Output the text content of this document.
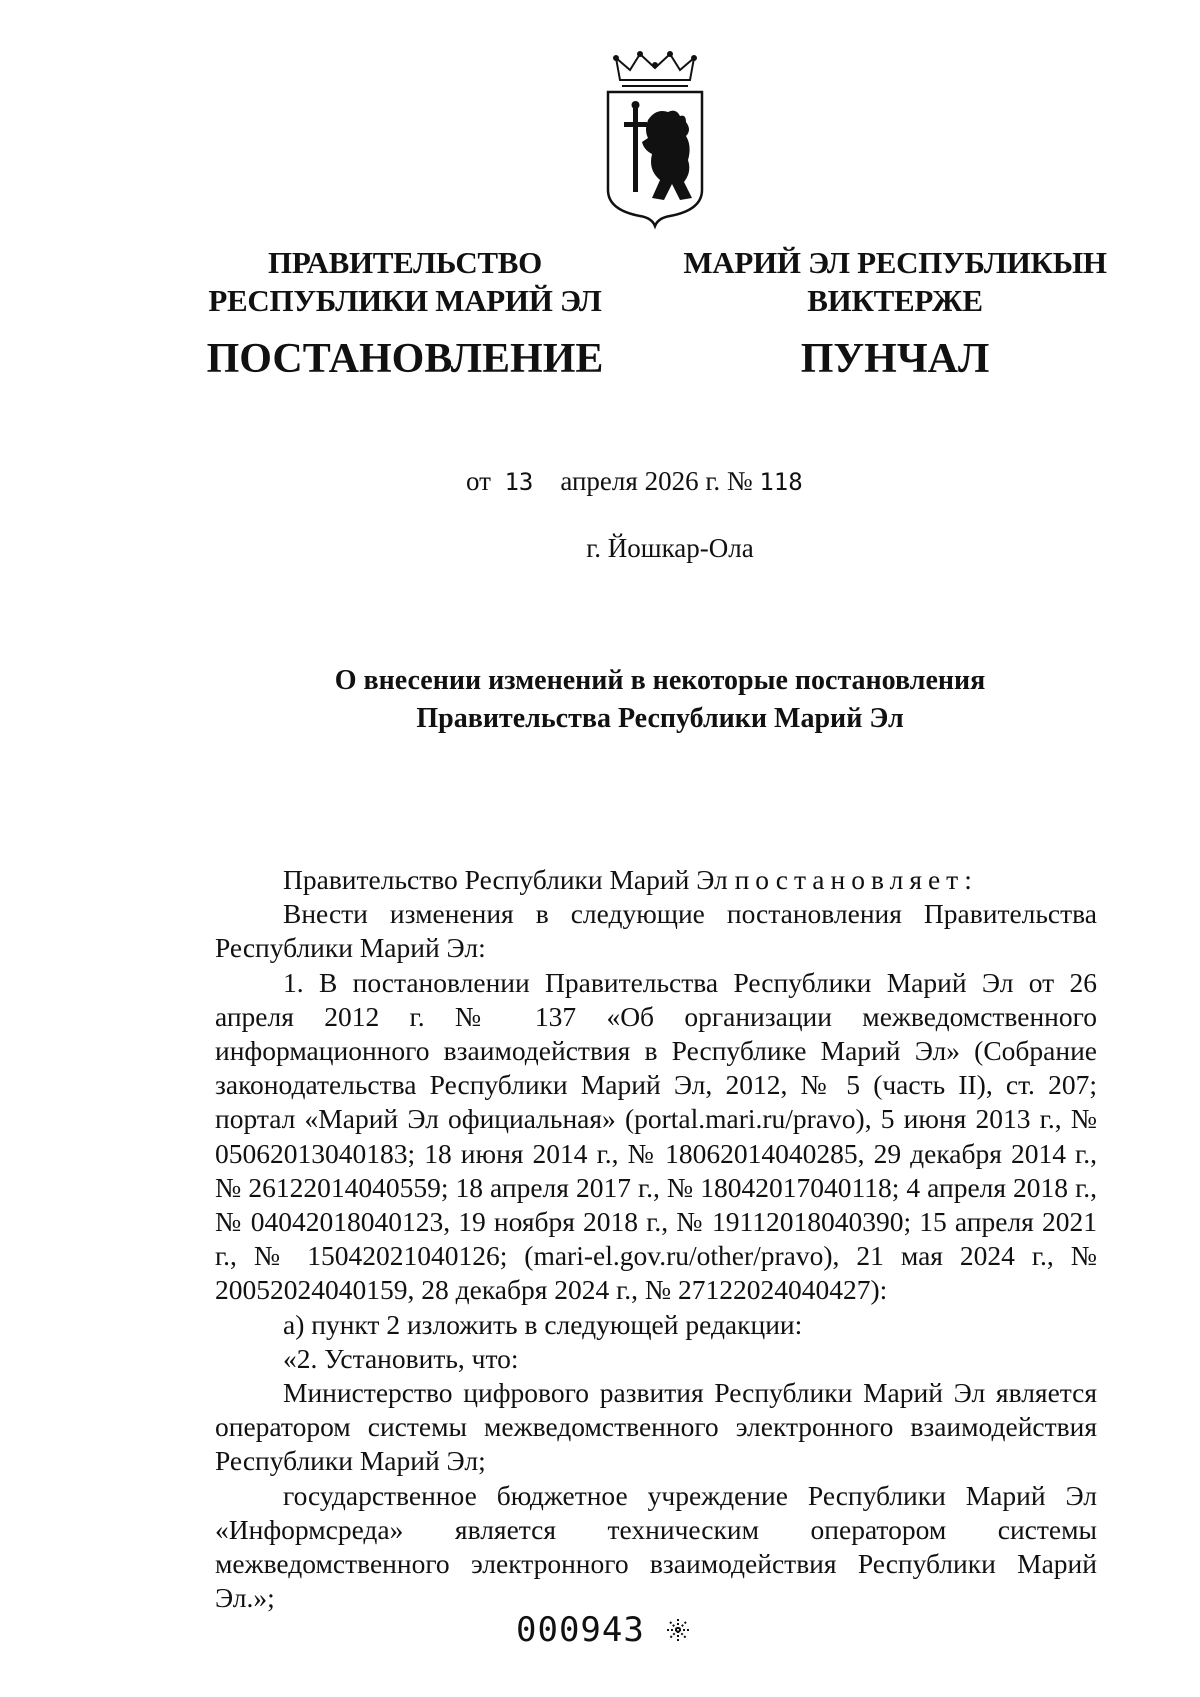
ПРАВИТЕЛЬСТВО
РЕСПУБЛИКИ МАРИЙ ЭЛ
ПОСТАНОВЛЕНИЕ
МАРИЙ ЭЛ РЕСПУБЛИКЫН
ВИКТЕРЖЕ
ПУНЧАЛ
от 13 апреля 2026 г. № 118
г. Йошкар-Ола
О внесении изменений в некоторые постановления
Правительства Республики Марий Эл

Правительство Республики Марий Эл постановляет:

Внести изменения в следующие постановления Правительства Республики Марий Эл:

1. В постановлении Правительства Республики Марий Эл от 26 апреля 2012 г. № 137 «Об организации межведомственного информационного взаимодействия в Республике Марий Эл» (Собрание законодательства Республики Марий Эл, 2012, № 5 (часть II), ст. 207; портал «Марий Эл официальная» (portal.mari.ru/pravo), 5 июня 2013 г., № 05062013040183; 18 июня 2014 г., № 18062014040285, 29 декабря 2014 г., № 26122014040559; 18 апреля 2017 г., № 18042017040118; 4 апреля 2018 г., № 04042018040123, 19 ноября 2018 г., № 19112018040390; 15 апреля 2021 г., № 15042021040126; (mari-el.gov.ru/other/pravo), 21 мая 2024 г., № 20052024040159, 28 декабря 2024 г., № 27122024040427):

а) пункт 2 изложить в следующей редакции:

«2. Установить, что:

Министерство цифрового развития Республики Марий Эл является оператором системы межведомственного электронного взаимодействия Республики Марий Эл;

государственное бюджетное учреждение Республики Марий Эл «Информсреда» является техническим оператором системы межведомственного электронного взаимодействия Республики Марий Эл.»;

000943
